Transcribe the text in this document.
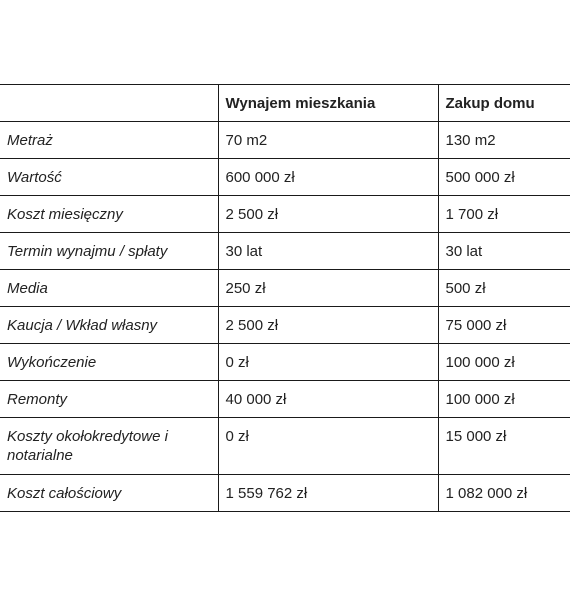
	Wynajem mieszkania	Zakup domu
Metraż	70 m2	130 m2
Wartość	600 000 zł	500 000 zł
Koszt miesięczny	2 500 zł	1 700 zł
Termin wynajmu / spłaty	30 lat	30 lat
Media	250 zł	500 zł
Kaucja / Wkład własny	2 500 zł	75 000 zł
Wykończenie	0 zł	100 000 zł
Remonty	40 000 zł	100 000 zł
Koszty okołokredytowe i notarialne	0 zł	15 000 zł
Koszt całościowy	1 559 762 zł	1 082 000 zł
